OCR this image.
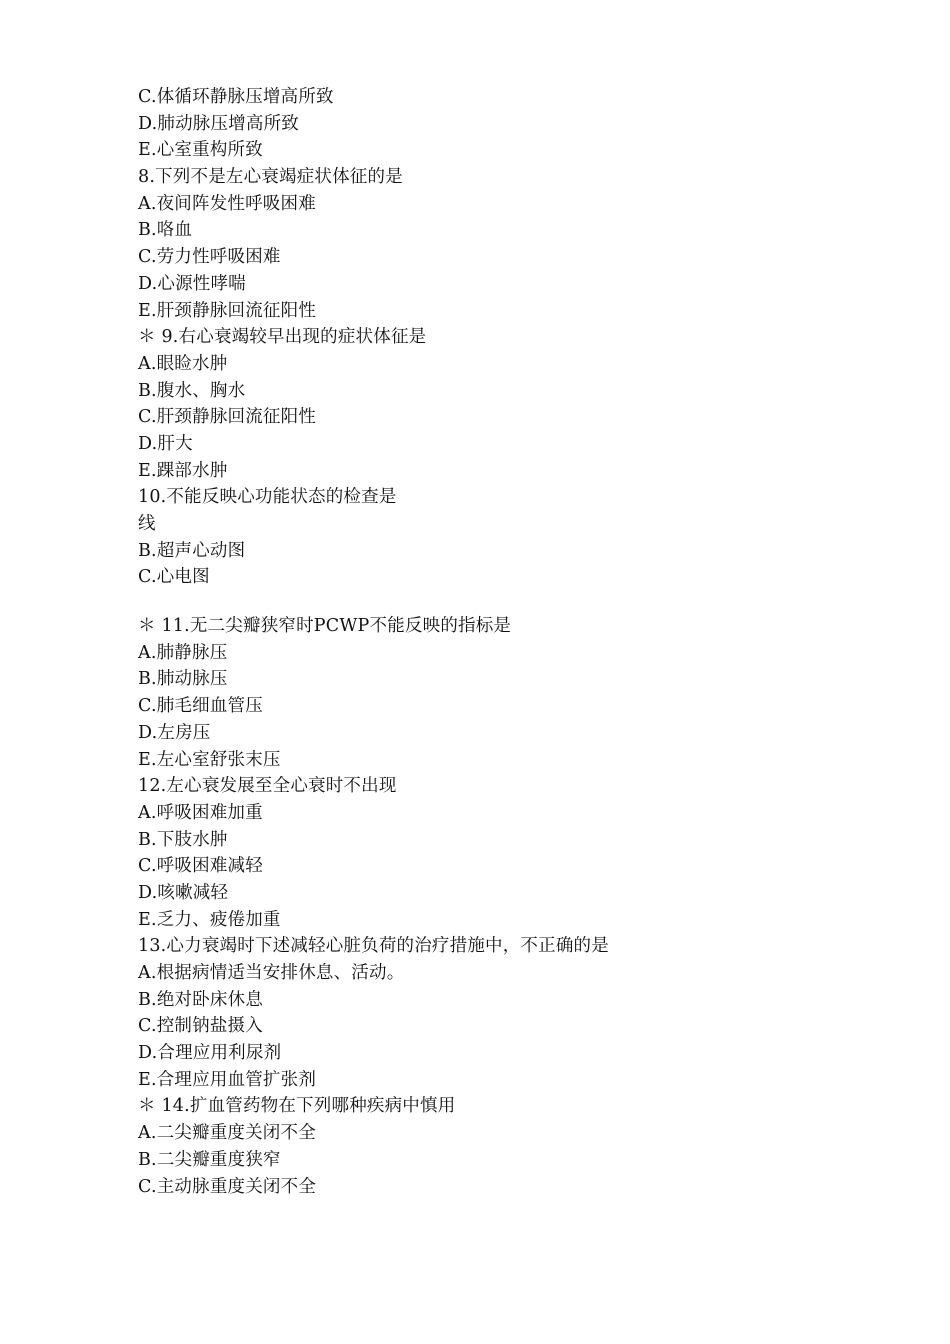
C.体循环静脉压增高所致
D.肺动脉压增高所致
E.心室重构所致
8.下列不是左心衰竭症状体征的是
A.夜间阵发性呼吸困难
B.咯血
C.劳力性呼吸困难
D.心源性哮喘
E.肝颈静脉回流征阳性
＊ 9.右心衰竭较早出现的症状体征是
A.眼睑水肿
B.腹水、胸水
C.肝颈静脉回流征阳性
D.肝大
E.踝部水肿
10.不能反映心功能状态的检查是
线
B.超声心动图
C.心电图
＊ 11.无二尖瓣狭窄时PCWP不能反映的指标是
A.肺静脉压
B.肺动脉压
C.肺毛细血管压
D.左房压
E.左心室舒张末压
12.左心衰发展至全心衰时不出现
A.呼吸困难加重
B.下肢水肿
C.呼吸困难减轻
D.咳嗽减轻
E.乏力、疲倦加重
13.心力衰竭时下述减轻心脏负荷的治疗措施中，不正确的是
A.根据病情适当安排休息、活动。
B.绝对卧床休息
C.控制钠盐摄入
D.合理应用利尿剂
E.合理应用血管扩张剂
＊ 14.扩血管药物在下列哪种疾病中慎用
A.二尖瓣重度关闭不全
B.二尖瓣重度狭窄
C.主动脉重度关闭不全
